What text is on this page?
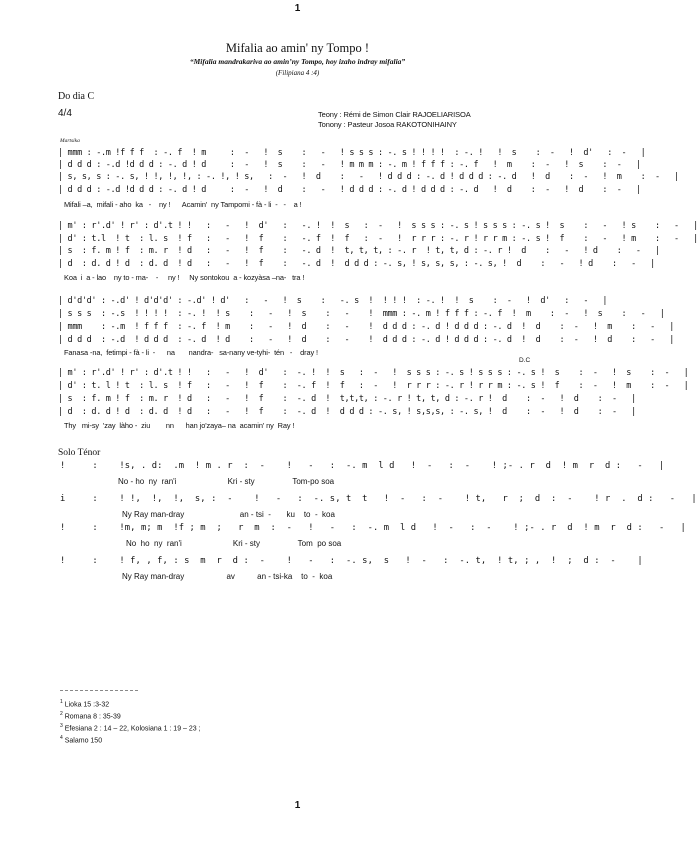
1
Mifalia ao amin' ny Tompo !
“Mifalia mandrakariva ao amin’ny Tompo, hoy izaho indray mifalia”
(Filipiana 4 :4)
Do dia C
4/4	Teony : Rémi de Simon Clair RAJOELIARISOA
Tonony : Pasteur Josoa RAKOTONIHAINY
Martsika
| mmm : -.m !f f f  : -. f  ! m     :  -   !  s    :   -   ! s s s : -. s ! ! ! !  : -. !   !  s    :  -   !  d'   :  -   |
| d d d : -.d !d d d : -. d ! d     :  -   !  s    :   -   ! m m m : -. m ! f f f : -. f   !  m    :  -   !  s    :  -   |
| s, s, s : -. s, ! !, !, !, : -. !, ! s,   :  -   !  d    :   -   ! d d d : -. d ! d d d : -. d   !  d    :  -   !  m    :  -   |
| d d d : -.d !d d d : -. d ! d     :  -   !  d    :   -   ! d d d : -. d ! d d d : -. d   !  d    :  -   !  d    :  -   |
Mifali –a,  mifali - aho  ka   -    ny !      Acamin'  ny Tampomi - fà - li  -   -    a !
| m' : r'.d' ! r' : d'.t ! !   :   -   !  d'   :   -. !  !  s   :  -   !  s s s : -. s ! s s s : -. s !  s    :   -   ! s    :   -   |
| d' : t.l  ! t  : l. s  ! f   :   -   !  f    :   -. f  !  f   :  -   !  r r r : -. r ! r r m : -. s !  f    :   -   ! m    :   -   |
| s  : f. m ! f  : m. r  ! d   :   -   !  f    :   -. d  !  t, t, t, : -. r  ! t, t, d : -. r !  d    :   -   ! d    :   -   |
| d  : d. d ! d  : d. d  ! d   :   -   !  f    :   -. d  !  d d d : -. s, ! s, s, s, : -. s, !  d    :   -   ! d    :   -   |
Koa  i  a - lao    ny to - ma-    -     ny !     Ny sontokou  a - kozyàsa –na-   tra !
| d'd'd' : -.d' ! d'd'd' : -.d' ! d'   :   -   !  s    :   -. s  !  ! ! !  : -. !  !  s    :  -   !  d'   :   -   |
| s s s  : -.s  ! ! ! !  : -. !  ! s    :   -   !  s    :   -    !  mmm : -. m ! f f f : -. f  !  m    :  -   !  s    :   -   |
| mmm    : -.m  ! f f f  : -. f  ! m    :   -   !  d    :   -    !  d d d : -. d ! d d d : -. d  !  d    :  -   !  m    :   -   |
| d d d  : -.d  ! d d d  : -. d  ! d    :   -   !  d    :   -    !  d d d : -. d ! d d d : -. d  !  d    :  -   !  d    :   -   |
Fanasa -na,  fetimpi - fà - li  -      na       nandra-   sa-nany ve-tyhi-  tén   -    dray !
D.C
| m' : r'.d' ! r' : d'.t ! !   :   -   !  d'   :  -. !  !  s   :  -   !  s s s : -. s ! s s s : -. s !  s    :  -   !  s    :  -   |
| d' : t. l ! t  : l. s  ! f   :   -   !  f    :  -. f  !  f   :  -   !  r r r : -. r ! r r m : -. s !  f    :  -   !  m    :  -   |
| s  : f. m ! f  : m. r  ! d   :   -   !  f    :  -. d  !  t,t,t, : -. r ! t, t, d : -. r !  d    :  -   !  d    :  -   |
| d  : d. d ! d  : d. d  ! d   :   -   !  f    :  -. d  !  d d d : -. s, ! s,s,s, : -. s, !  d    :  -   !  d    :  -   |
Thy   mi-sy  'zay  làho -  ziu        nn      han jo'zaya– na  acamin' ny  Ray !
Solo Ténor
!     :    !s, . d:  .m  ! m . r  :  -    !   -   :  -. m  l d   !  -   :  -    ! ;- . r  d  ! m  r  d :   -   |
No - ho  ny  ran'i                       Kri - sty                 Tom-po soa
i     :    ! !,  !,  !,  s, :  -    !   -   :  -. s, t  t   !  -   :  -    ! t,   r  ;  d  :  -    ! r  .  d :   -   |
Ny Ray man-dray                         an - tsi  -       ku    to  -  koa
!     :    !m, m; m  !f ; m  ;   r  m  :  -   !   -   :  -. m  l d   !  -   :  -    ! ;- . r  d  ! m  r  d :   -   |
No  ho  ny  ran'i                       Kri - sty                 Tom  po soa
!     :    ! f, , f, : s  m  r  d :  -    !   -   :  -. s,  s   !  -   :  -. t,  ! t, ; ,  !  ;  d :  -    |
Ny Ray man-dray                   av          an - tsi-ka    to  -  koa
$^1$ Lioka 15 :3-32
$^2$ Romana 8 : 35-39
$^3$ Efesiana 2 : 14 – 22, Kolosiana 1 : 19 – 23 ;
$^4$ Salamo 150
1
